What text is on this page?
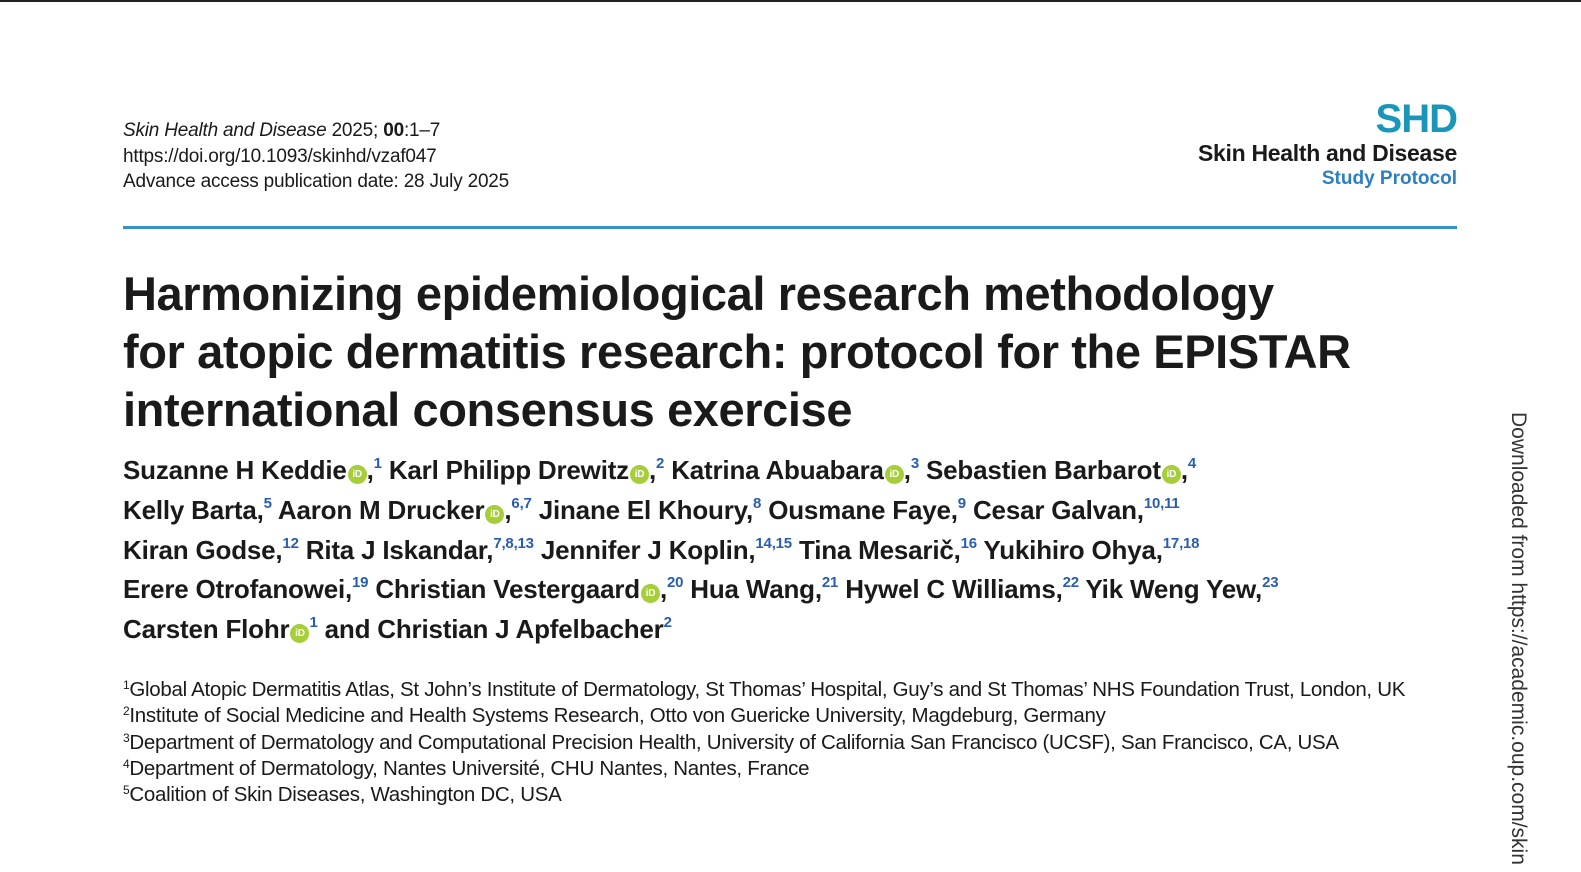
Skin Health and Disease 2025; 00:1–7
https://doi.org/10.1093/skinhd/vzaf047
Advance access publication date: 28 July 2025
SHD
Skin Health and Disease
Study Protocol
Harmonizing epidemiological research methodology
for atopic dermatitis research: protocol for the EPISTAR
international consensus exercise
Suzanne H Keddie iD ,$^1$ Karl Philipp Drewitz iD ,$^2$ Katrina Abuabara iD ,$^3$ Sebastien Barbarot iD ,$^4$
Kelly Barta,$^5$ Aaron M Drucker iD ,$^{6,7}$ Jinane El Khoury,$^8$ Ousmane Faye,$^9$ Cesar Galvan,$^{10,11}$
Kiran Godse,$^{12}$ Rita J Iskandar,$^{7,8,13}$ Jennifer J Koplin,$^{14,15}$ Tina Mesarič,$^{16}$ Yukihiro Ohya,$^{17,18}$
Erere Otrofanowei,$^{19}$ Christian Vestergaard iD ,$^{20}$ Hua Wang,$^{21}$ Hywel C Williams,$^{22}$ Yik Weng Yew,$^{23}$
Carsten Flohr $iD^1$ and Christian J Apfelbacher$^2$
$^1$Global Atopic Dermatitis Atlas, St John’s Institute of Dermatology, St Thomas’ Hospital, Guy’s and St Thomas’ NHS Foundation Trust, London, UK
$^2$Institute of Social Medicine and Health Systems Research, Otto von Guericke University, Magdeburg, Germany
$^3$Department of Dermatology and Computational Precision Health, University of California San Francisco (UCSF), San Francisco, CA, USA
$^4$Department of Dermatology, Nantes Université, CHU Nantes, Nantes, France
$^5$Coalition of Skin Diseases, Washington DC, USA	Downloaded from https://academic.oup.com/skin
